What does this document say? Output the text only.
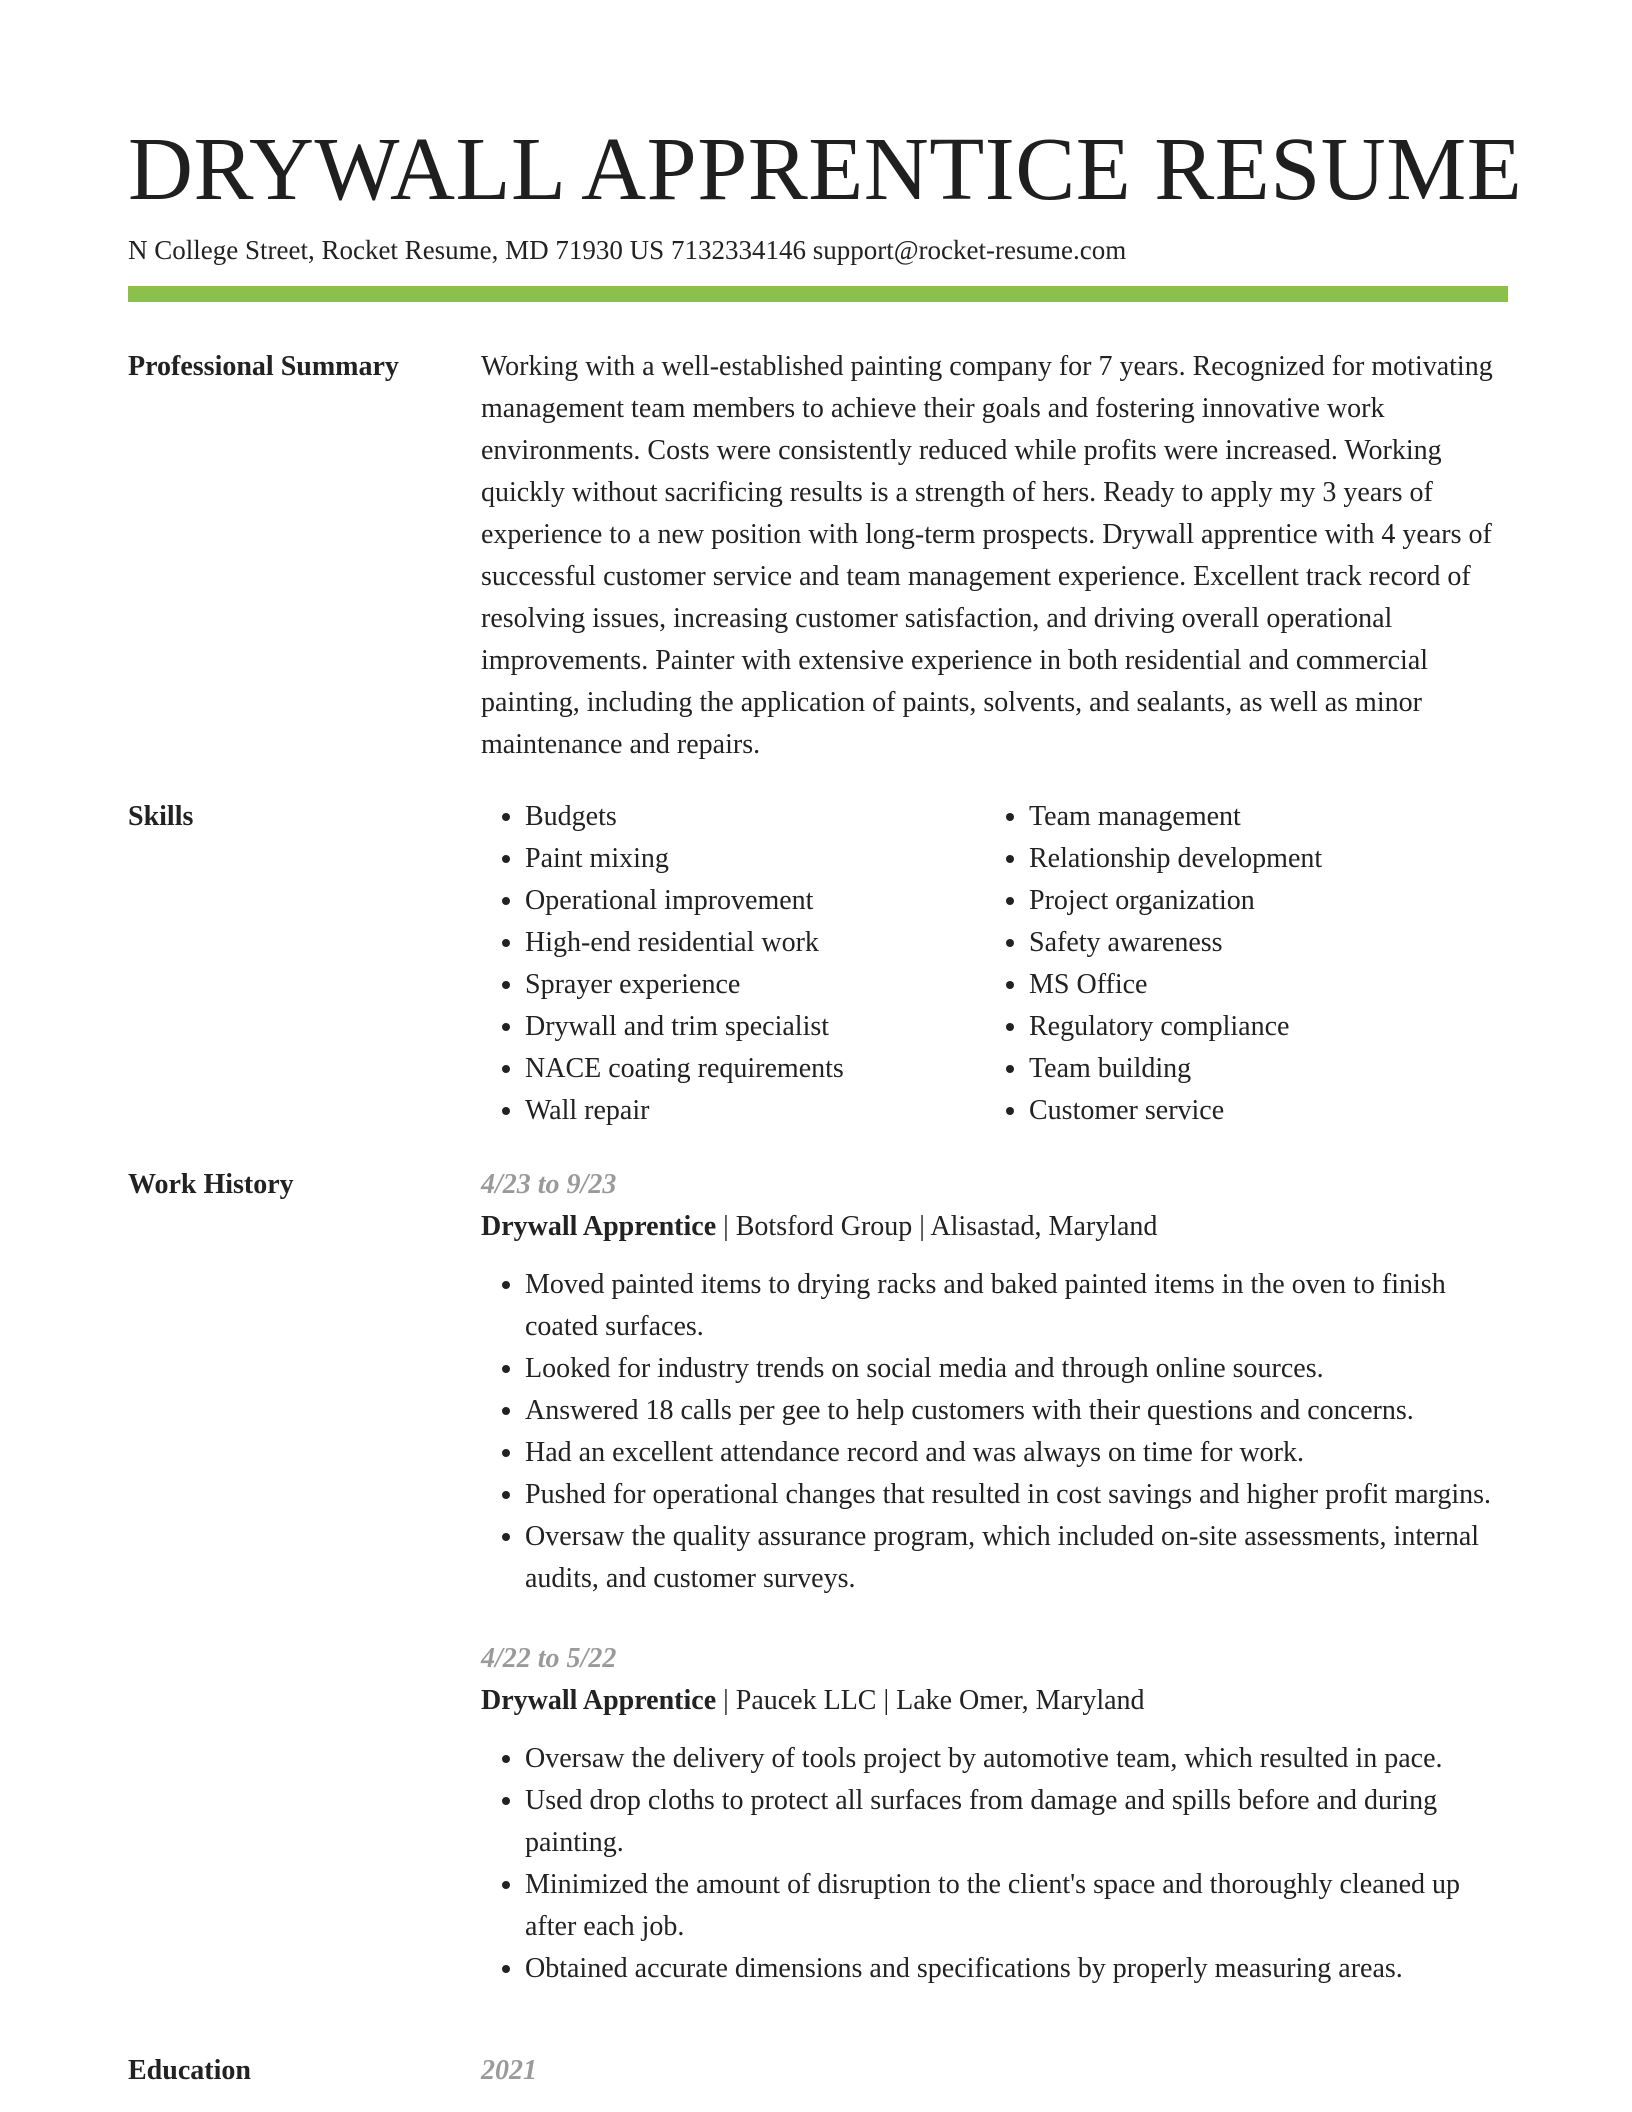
DRYWALL APPRENTICE RESUME
N College Street, Rocket Resume, MD 71930 US 7132334146 support@rocket-resume.com
Professional Summary	Working with a well-established painting company for 7 years. Recognized for motivating management team members to achieve their goals and fostering innovative work environments. Costs were consistently reduced while profits were increased. Working quickly without sacrificing results is a strength of hers. Ready to apply my 3 years of experience to a new position with long-term prospects. Drywall apprentice with 4 years of successful customer service and team management experience. Excellent track record of resolving issues, increasing customer satisfaction, and driving overall operational improvements. Painter with extensive experience in both residential and commercial painting, including the application of paints, solvents, and sealants, as well as minor maintenance and repairs.

Skills
•	Budgets
• Paint mixing
• Operational improvement
• High-end residential work
• Sprayer experience
• Drywall and trim specialist
• NACE coating requirements
• Wall repair
• Team management
• Relationship development
• Project organization
• Safety awareness
• MS Office
• Regulatory compliance
• Team building
• Customer service
Work History	4/23 to 9/23
Drywall Apprentice | Botsford Group | Alisastad, Maryland
• Moved painted items to drying racks and baked painted items in the oven to finish coated surfaces.
• Looked for industry trends on social media and through online sources.
• Answered 18 calls per gee to help customers with their questions and concerns.
• Had an excellent attendance record and was always on time for work.
• Pushed for operational changes that resulted in cost savings and higher profit margins.
• Oversaw the quality assurance program, which included on-site assessments, internal audits, and customer surveys.
4/22 to 5/22
Drywall Apprentice | Paucek LLC | Lake Omer, Maryland
• Oversaw the delivery of tools project by automotive team, which resulted in pace.
• Used drop cloths to protect all surfaces from damage and spills before and during painting.
• Minimized the amount of disruption to the client's space and thoroughly cleaned up after each job.
• Obtained accurate dimensions and specifications by properly measuring areas.
Education	2021
